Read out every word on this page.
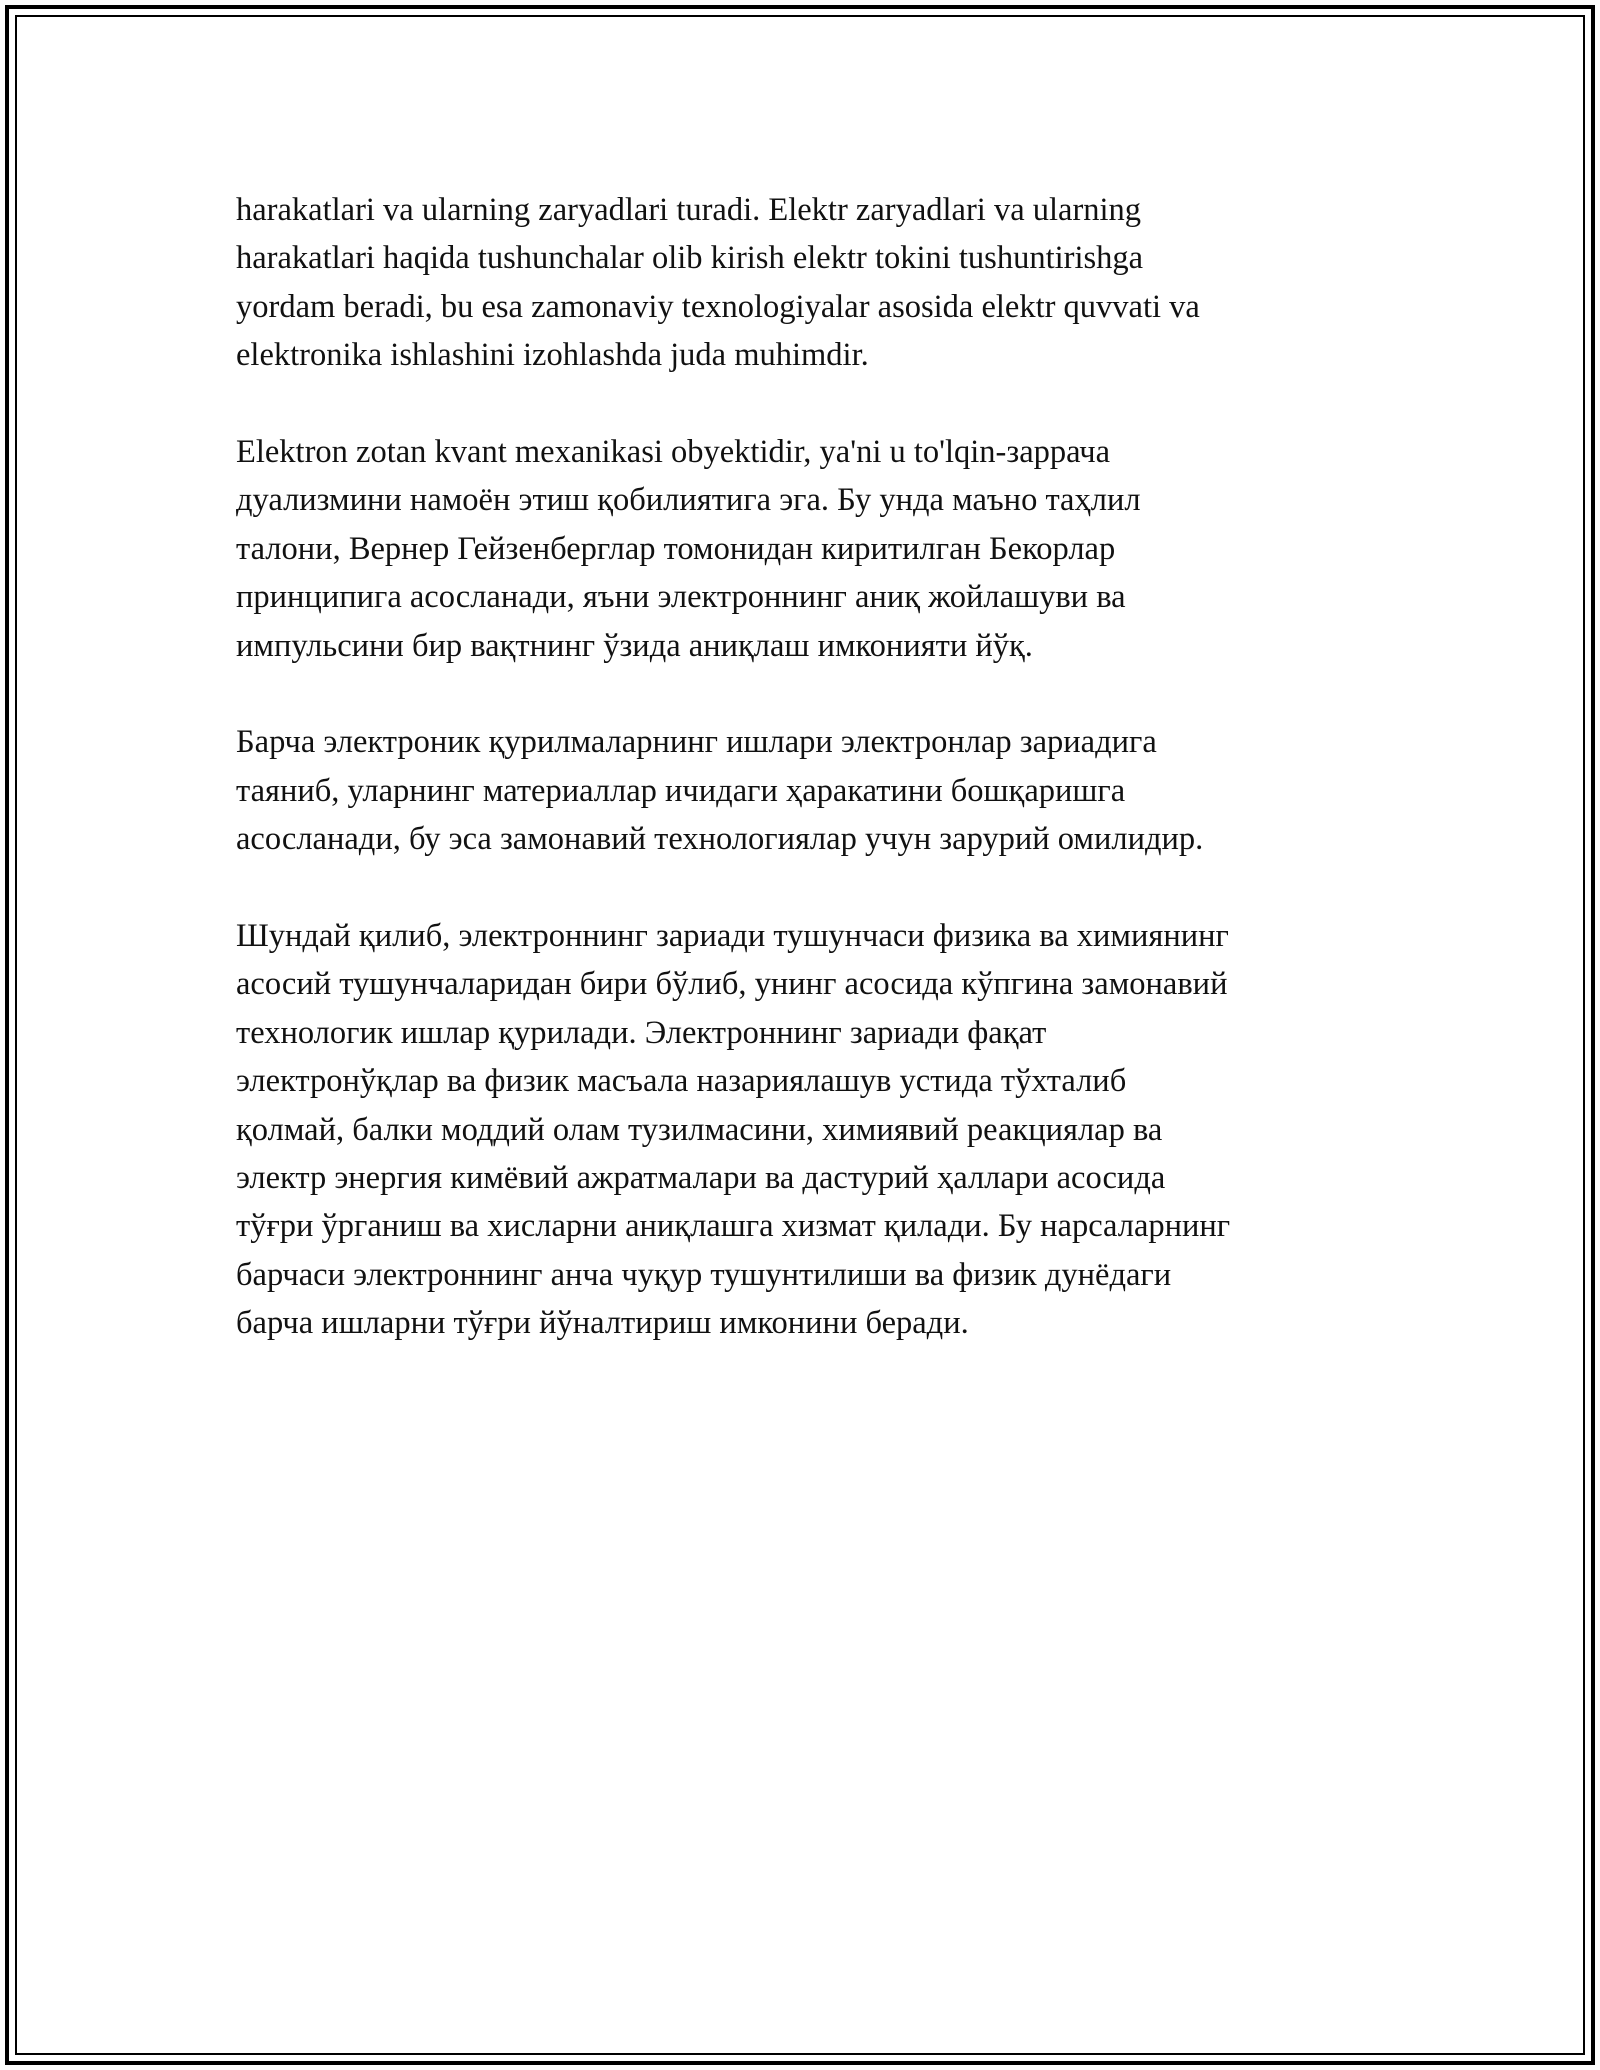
harakatlari va ularning zaryadlari turadi. Elektr zaryadlari va ularning
harakatlari haqida tushunchalar olib kirish elektr tokini tushuntirishga
yordam beradi, bu esa zamonaviy texnologiyalar asosida elektr quvvati va
elektronika ishlashini izohlashda juda muhimdir.

Elektron zotan kvant mexanikasi obyektidir, ya'ni u to'lqin-заррача
дуализмини намоён этиш қобилиятига эга. Бу унда маъно таҳлил
талони, Вернер Гейзенберглар томонидан киритилган Бекорлар
принципига асосланади, яъни электроннинг аниқ жойлашуви ва
импульсини бир вақтнинг ўзида аниқлаш имконияти йўқ.

Барча электроник қурилмаларнинг ишлари электронлар зариадига
таяниб, уларнинг материаллар ичидаги ҳаракатини бошқаришга
асосланади, бу эса замонавий технологиялар учун зарурий омилидир.

Шундай қилиб, электроннинг зариади тушунчаси физика ва химиянинг
асосий тушунчаларидан бири бўлиб, унинг асосида кўпгина замонавий
технологик ишлар қурилади. Электроннинг зариади фақат
электронўқлар ва физик масъала назариялашув устида тўхталиб
қолмай, балки моддий олам тузилмасини, химиявий реакциялар ва
электр энергия кимёвий ажратмалари ва дастурий ҳаллари асосида
тўғри ўрганиш ва хисларни аниқлашга хизмат қилади. Бу нарсаларнинг
барчаси электроннинг анча чуқур тушунтилиши ва физик дунёдаги
барча ишларни тўғри йўналтириш имконини беради.
